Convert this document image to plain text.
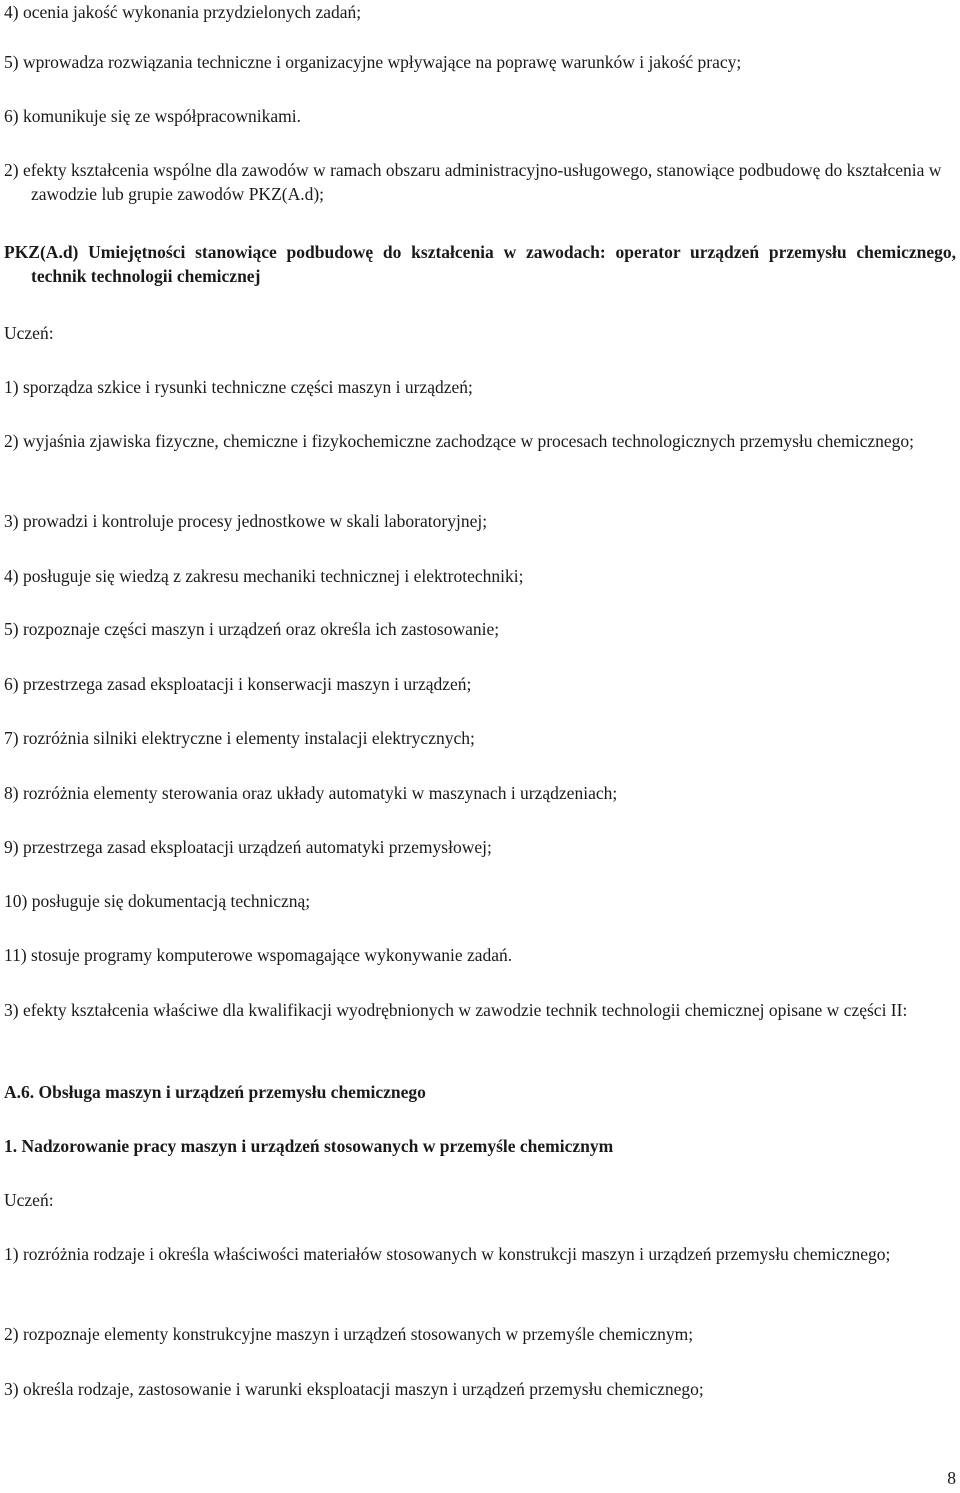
4) ocenia jakość wykonania przydzielonych zadań;

5) wprowadza rozwiązania techniczne i organizacyjne wpływające na poprawę warunków i jakość pracy;

6) komunikuje się ze współpracownikami.

2) efekty kształcenia wspólne dla zawodów w ramach obszaru administracyjno-usługowego, stanowiące podbudowę do kształcenia w zawodzie lub grupie zawodów PKZ(A.d);

PKZ(A.d) Umiejętności stanowiące podbudowę do kształcenia w zawodach: operator urządzeń przemysłu chemicznego, technik technologii chemicznej

Uczeń:

1) sporządza szkice i rysunki techniczne części maszyn i urządzeń;

2) wyjaśnia zjawiska fizyczne, chemiczne i fizykochemiczne zachodzące w procesach technologicznych przemysłu chemicznego;

3) prowadzi i kontroluje procesy jednostkowe w skali laboratoryjnej;

4) posługuje się wiedzą z zakresu mechaniki technicznej i elektrotechniki;

5) rozpoznaje części maszyn i urządzeń oraz określa ich zastosowanie;

6) przestrzega zasad eksploatacji i konserwacji maszyn i urządzeń;

7) rozróżnia silniki elektryczne i elementy instalacji elektrycznych;

8) rozróżnia elementy sterowania oraz układy automatyki w maszynach i urządzeniach;

9) przestrzega zasad eksploatacji urządzeń automatyki przemysłowej;

10) posługuje się dokumentacją techniczną;

11) stosuje programy komputerowe wspomagające wykonywanie zadań.

3) efekty kształcenia właściwe dla kwalifikacji wyodrębnionych w zawodzie technik technologii chemicznej opisane w części II:

A.6. Obsługa maszyn i urządzeń przemysłu chemicznego

1. Nadzorowanie pracy maszyn i urządzeń stosowanych w przemyśle chemicznym

Uczeń:

1) rozróżnia rodzaje i określa właściwości materiałów stosowanych w konstrukcji maszyn i urządzeń przemysłu chemicznego;

2) rozpoznaje elementy konstrukcyjne maszyn i urządzeń stosowanych w przemyśle chemicznym;

3) określa rodzaje, zastosowanie i warunki eksploatacji maszyn i urządzeń przemysłu chemicznego;

8
